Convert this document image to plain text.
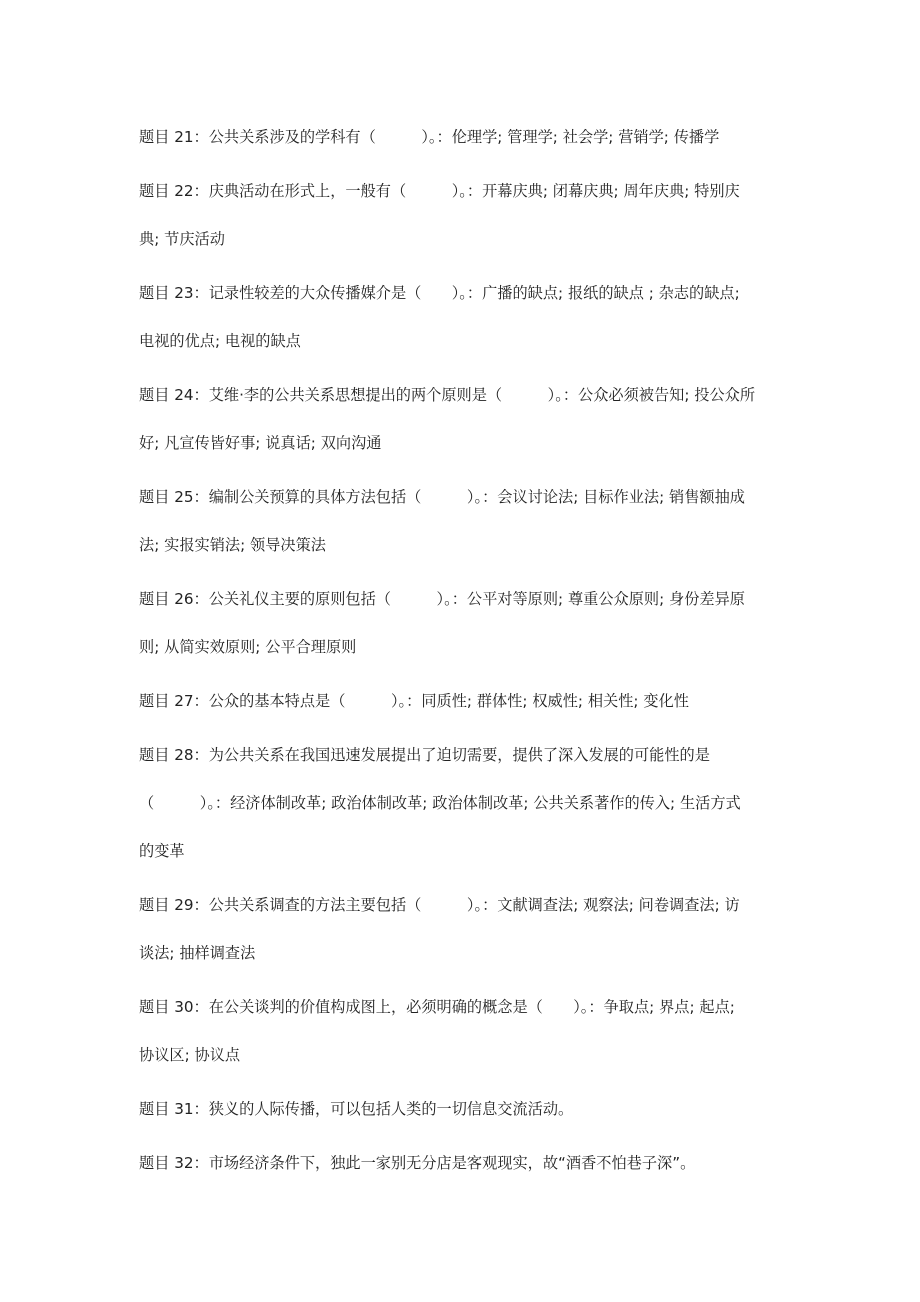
题目 21：公共关系涉及的学科有（　　　）。：伦理学; 管理学; 社会学; 营销学; 传播学
题目 22：庆典活动在形式上，一般有（　　　）。：开幕庆典; 闭幕庆典; 周年庆典; 特别庆
典; 节庆活动
题目 23：记录性较差的大众传播媒介是（　　）。：广播的缺点; 报纸的缺点 ; 杂志的缺点;
电视的优点; 电视的缺点
题目 24：艾维·李的公共关系思想提出的两个原则是（　　　）。：公众必须被告知; 投公众所
好; 凡宣传皆好事; 说真话; 双向沟通
题目 25：编制公关预算的具体方法包括（　　　）。：会议讨论法; 目标作业法; 销售额抽成
法; 实报实销法; 领导决策法
题目 26：公关礼仪主要的原则包括（　　　）。：公平对等原则; 尊重公众原则; 身份差异原
则; 从简实效原则; 公平合理原则
题目 27：公众的基本特点是（　　　）。：同质性; 群体性; 权威性; 相关性; 变化性
题目 28：为公共关系在我国迅速发展提出了迫切需要，提供了深入发展的可能性的是
（　　　）。：经济体制改革; 政治体制改革; 政治体制改革; 公共关系著作的传入; 生活方式
的变革
题目 29：公共关系调查的方法主要包括（　　　）。：文献调查法; 观察法; 问卷调查法; 访
谈法; 抽样调查法
题目 30：在公关谈判的价值构成图上，必须明确的概念是（　　）。：争取点; 界点; 起点;
协议区; 协议点
题目 31：狭义的人际传播，可以包括人类的一切信息交流活动。
题目 32：市场经济条件下，独此一家别无分店是客观现实，故“酒香不怕巷子深”。
